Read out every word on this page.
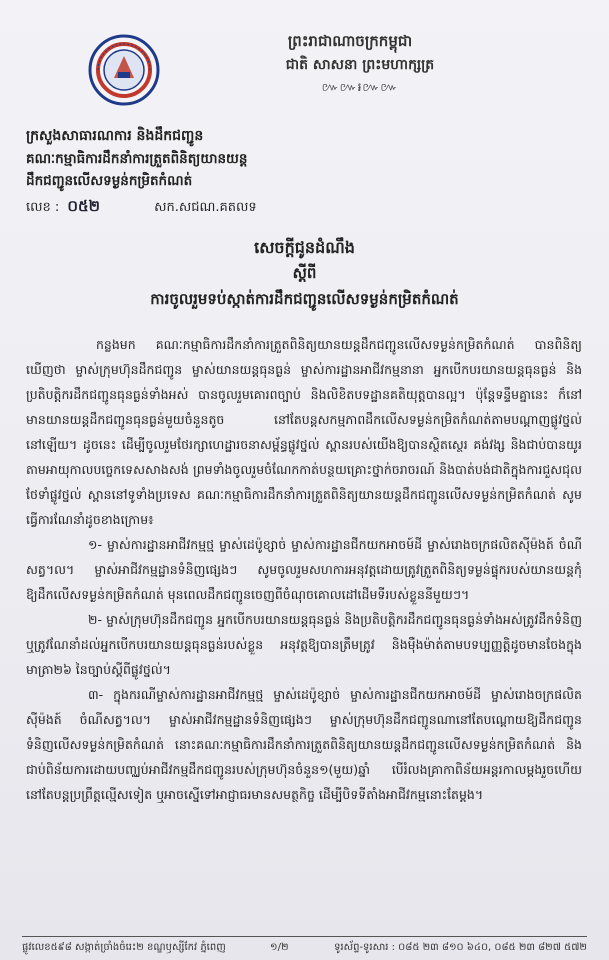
ព្រះរាជាណាចក្រកម្ពុជា
ជាតិ សាសនា ព្រះមហាក្សត្រ
៚៚៛៚៚
ក្រសួងសាធារណការ និងដឹកជញ្ជូន
គណៈកម្មាធិការដឹកនាំការត្រួតពិនិត្យយានយន្ត
ដឹកជញ្ជូនលើសទម្ងន់កម្រិតកំណត់
លេខ : ០៥២	សក.សជណ.គតលទ
សេចក្ដីជូនដំណឹង
ស្ដីពី
ការចូលរួមទប់ស្កាត់ការដឹកជញ្ជូនលើសទម្ងន់កម្រិតកំណត់

កន្លងមក គណៈកម្មាធិការដឹកនាំការត្រួតពិនិត្យយានយន្តដឹកជញ្ជូនលើសទម្ងន់កម្រិតកំណត់ បានពិនិត្យឃើញថា ម្ចាស់ក្រុមហ៊ុនដឹកជញ្ជូន ម្ចាស់យានយន្តធុនធ្ងន់ ម្ចាស់ការដ្ឋានអាជីវកម្មនានា អ្នកបើកបរយានយន្តធុនធ្ងន់ និងប្រតិបត្តិករដឹកជញ្ជូនធុនធ្ងន់ទាំងអស់ បានចូលរួមគោរពច្បាប់ និងលិខិតបទដ្ឋានគតិយុត្តបានល្អ។ ប៉ុន្តែទន្ទឹមគ្នានេះ ក៏នៅមានយានយន្តដឹកជញ្ជូនធុនធ្ងន់មួយចំនួនតូច នៅតែបន្តសកម្មភាពដឹកលើសទម្ងន់កម្រិតកំណត់តាមបណ្ដាញផ្លូវថ្នល់នៅឡើយ។ ដូចនេះ ដើម្បីចូលរួមថែរក្សាហេដ្ឋារចនាសម្ព័ន្ធផ្លូវថ្នល់ ស្ពានរបស់យើងឱ្យបានស្ថិតស្ថេរ គង់វង្ស និងជាប់បានយូរតាមអាយុកាលបច្ចេកទេសសាងសង់ ព្រមទាំងចូលរួមចំណែកកាត់បន្ថយគ្រោះថ្នាក់ចរាចរណ៍ និងបាត់បង់ជាតិក្នុងការជួសជុលថែទាំផ្លូវថ្នល់ ស្ពាននៅទូទាំងប្រទេស គណៈកម្មាធិការដឹកនាំការត្រួតពិនិត្យយានយន្តដឹកជញ្ជូនលើសទម្ងន់កម្រិតកំណត់ សូមធ្វើការណែនាំដូចខាងក្រោម៖

១- ម្ចាស់ការដ្ឋានអាជីវកម្មថ្ម ម្ចាស់ដេប៉ូខ្សាច់ ម្ចាស់ការដ្ឋានជីកយកអាចម៍ដី ម្ចាស់រោងចក្រផលិតស៊ីម៉ងត៍ ចំណីសត្វ។ល។ ម្ចាស់អាជីវកម្មដ្ឋានទំនិញផ្សេងៗ សូមចូលរួមសហការអនុវត្តដោយត្រូវត្រួតពិនិត្យទម្ងន់ផ្ទុករបស់យានយន្តកុំឱ្យដឹកលើសទម្ងន់កម្រិតកំណត់ មុនពេលដឹកជញ្ជូនចេញពីចំណុចគោលដៅដើមទីរបស់ខ្លួននីមួយៗ។

២- ម្ចាស់ក្រុមហ៊ុនដឹកជញ្ជូន អ្នកបើកបរយានយន្តធុនធ្ងន់ និងប្រតិបត្តិករដឹកជញ្ជូនធុនធ្ងន់ទាំងអស់ត្រូវដឹកទំនិញ ឬត្រូវណែនាំដល់អ្នកបើកបរយានយន្តធុនធ្ងន់របស់ខ្លួន អនុវត្តឱ្យបានត្រឹមត្រូវ និងម៉ឺងម៉ាត់តាមបទប្បញ្ញត្តិដូចមានចែងក្នុងមាត្រា២៦ នៃច្បាប់ស្ដីពីផ្លូវថ្នល់។

៣- ក្នុងករណីម្ចាស់ការដ្ឋានអាជីវកម្មថ្ម ម្ចាស់ដេប៉ូខ្សាច់ ម្ចាស់ការដ្ឋានជីកយកអាចម៍ដី ម្ចាស់រោងចក្រផលិតស៊ីម៉ងត៍ ចំណីសត្វ។ល។ ម្ចាស់អាជីវកម្មដ្ឋានទំនិញផ្សេងៗ ម្ចាស់ក្រុមហ៊ុនដឹកជញ្ជូនណានៅតែបណ្ដោយឱ្យដឹកជញ្ជូនទំនិញលើសទម្ងន់កម្រិតកំណត់ នោះគណៈកម្មាធិការដឹកនាំការត្រួតពិនិត្យយានយន្តដឹកជញ្ជូនលើសទម្ងន់កម្រិតកំណត់ និងជាប់ពិន័យការដោយបញ្ឈប់អាជីវកម្មដឹកជញ្ជូនរបស់ក្រុមហ៊ុនចំនួន១(មួយ)ឆ្នាំ បើរំលងគ្រាកាពិន័យអន្តរកាលម្ដងរួចហើយ នៅតែបន្តប្រព្រឹត្តល្មើសទៀត ឬអាចស្នើទៅអាជ្ញាធរមានសមត្ថកិច្ច ដើម្បីបិទទីតាំងអាជីវកម្មនោះតែម្ដង។

ផ្លូវលេខ៥៩៨ សង្កាត់ច្រាំងចំរេះ២ ខណ្ឌឫស្សីកែវ ភ្នំពេញ	១/២	ទូរស័ព្ទ-ទូរសារ : ០៨៥ ២៣ ៨១០ ៦៤០, ០៨៥ ២៣ ៨២៧ ៥៧២
